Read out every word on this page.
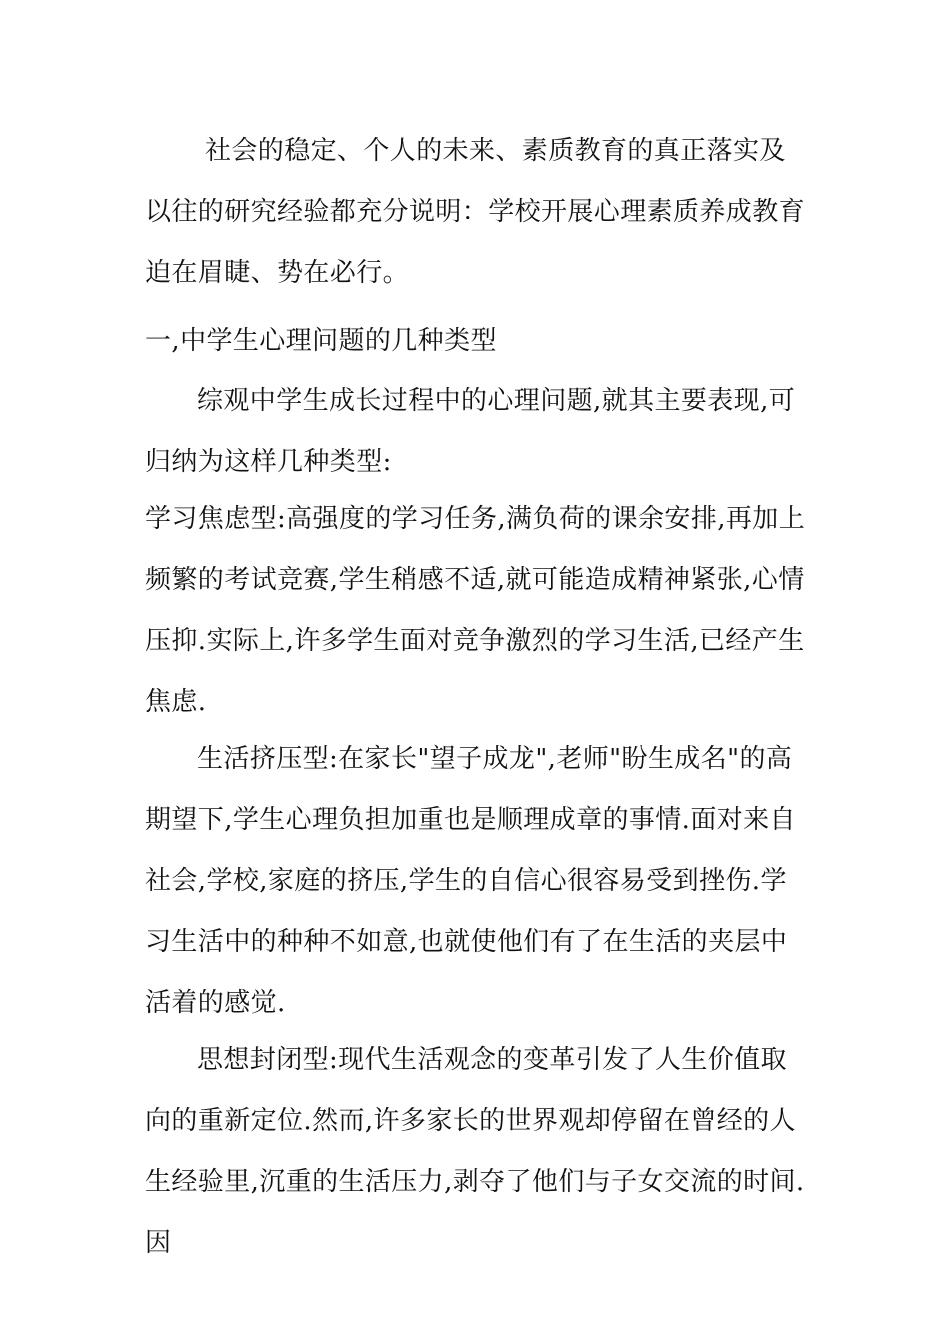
社会的稳定、个人的未来、素质教育的真正落实及以往的研究经验都充分说明：学校开展心理素质养成教育迫在眉睫、势在必行。

一,中学生心理问题的几种类型

综观中学生成长过程中的心理问题,就其主要表现,可归纳为这样几种类型:

学习焦虑型:高强度的学习任务,满负荷的课余安排,再加上频繁的考试竞赛,学生稍感不适,就可能造成精神紧张,心情压抑.实际上,许多学生面对竞争激烈的学习生活,已经产生焦虑.

生活挤压型:在家长"望子成龙",老师"盼生成名"的高期望下,学生心理负担加重也是顺理成章的事情.面对来自社会,学校,家庭的挤压,学生的自信心很容易受到挫伤.学习生活中的种种不如意,也就使他们有了在生活的夹层中活着的感觉.

思想封闭型:现代生活观念的变革引发了人生价值取向的重新定位.然而,许多家长的世界观却停留在曾经的人生经验里,沉重的生活压力,剥夺了他们与子女交流的时间.因
